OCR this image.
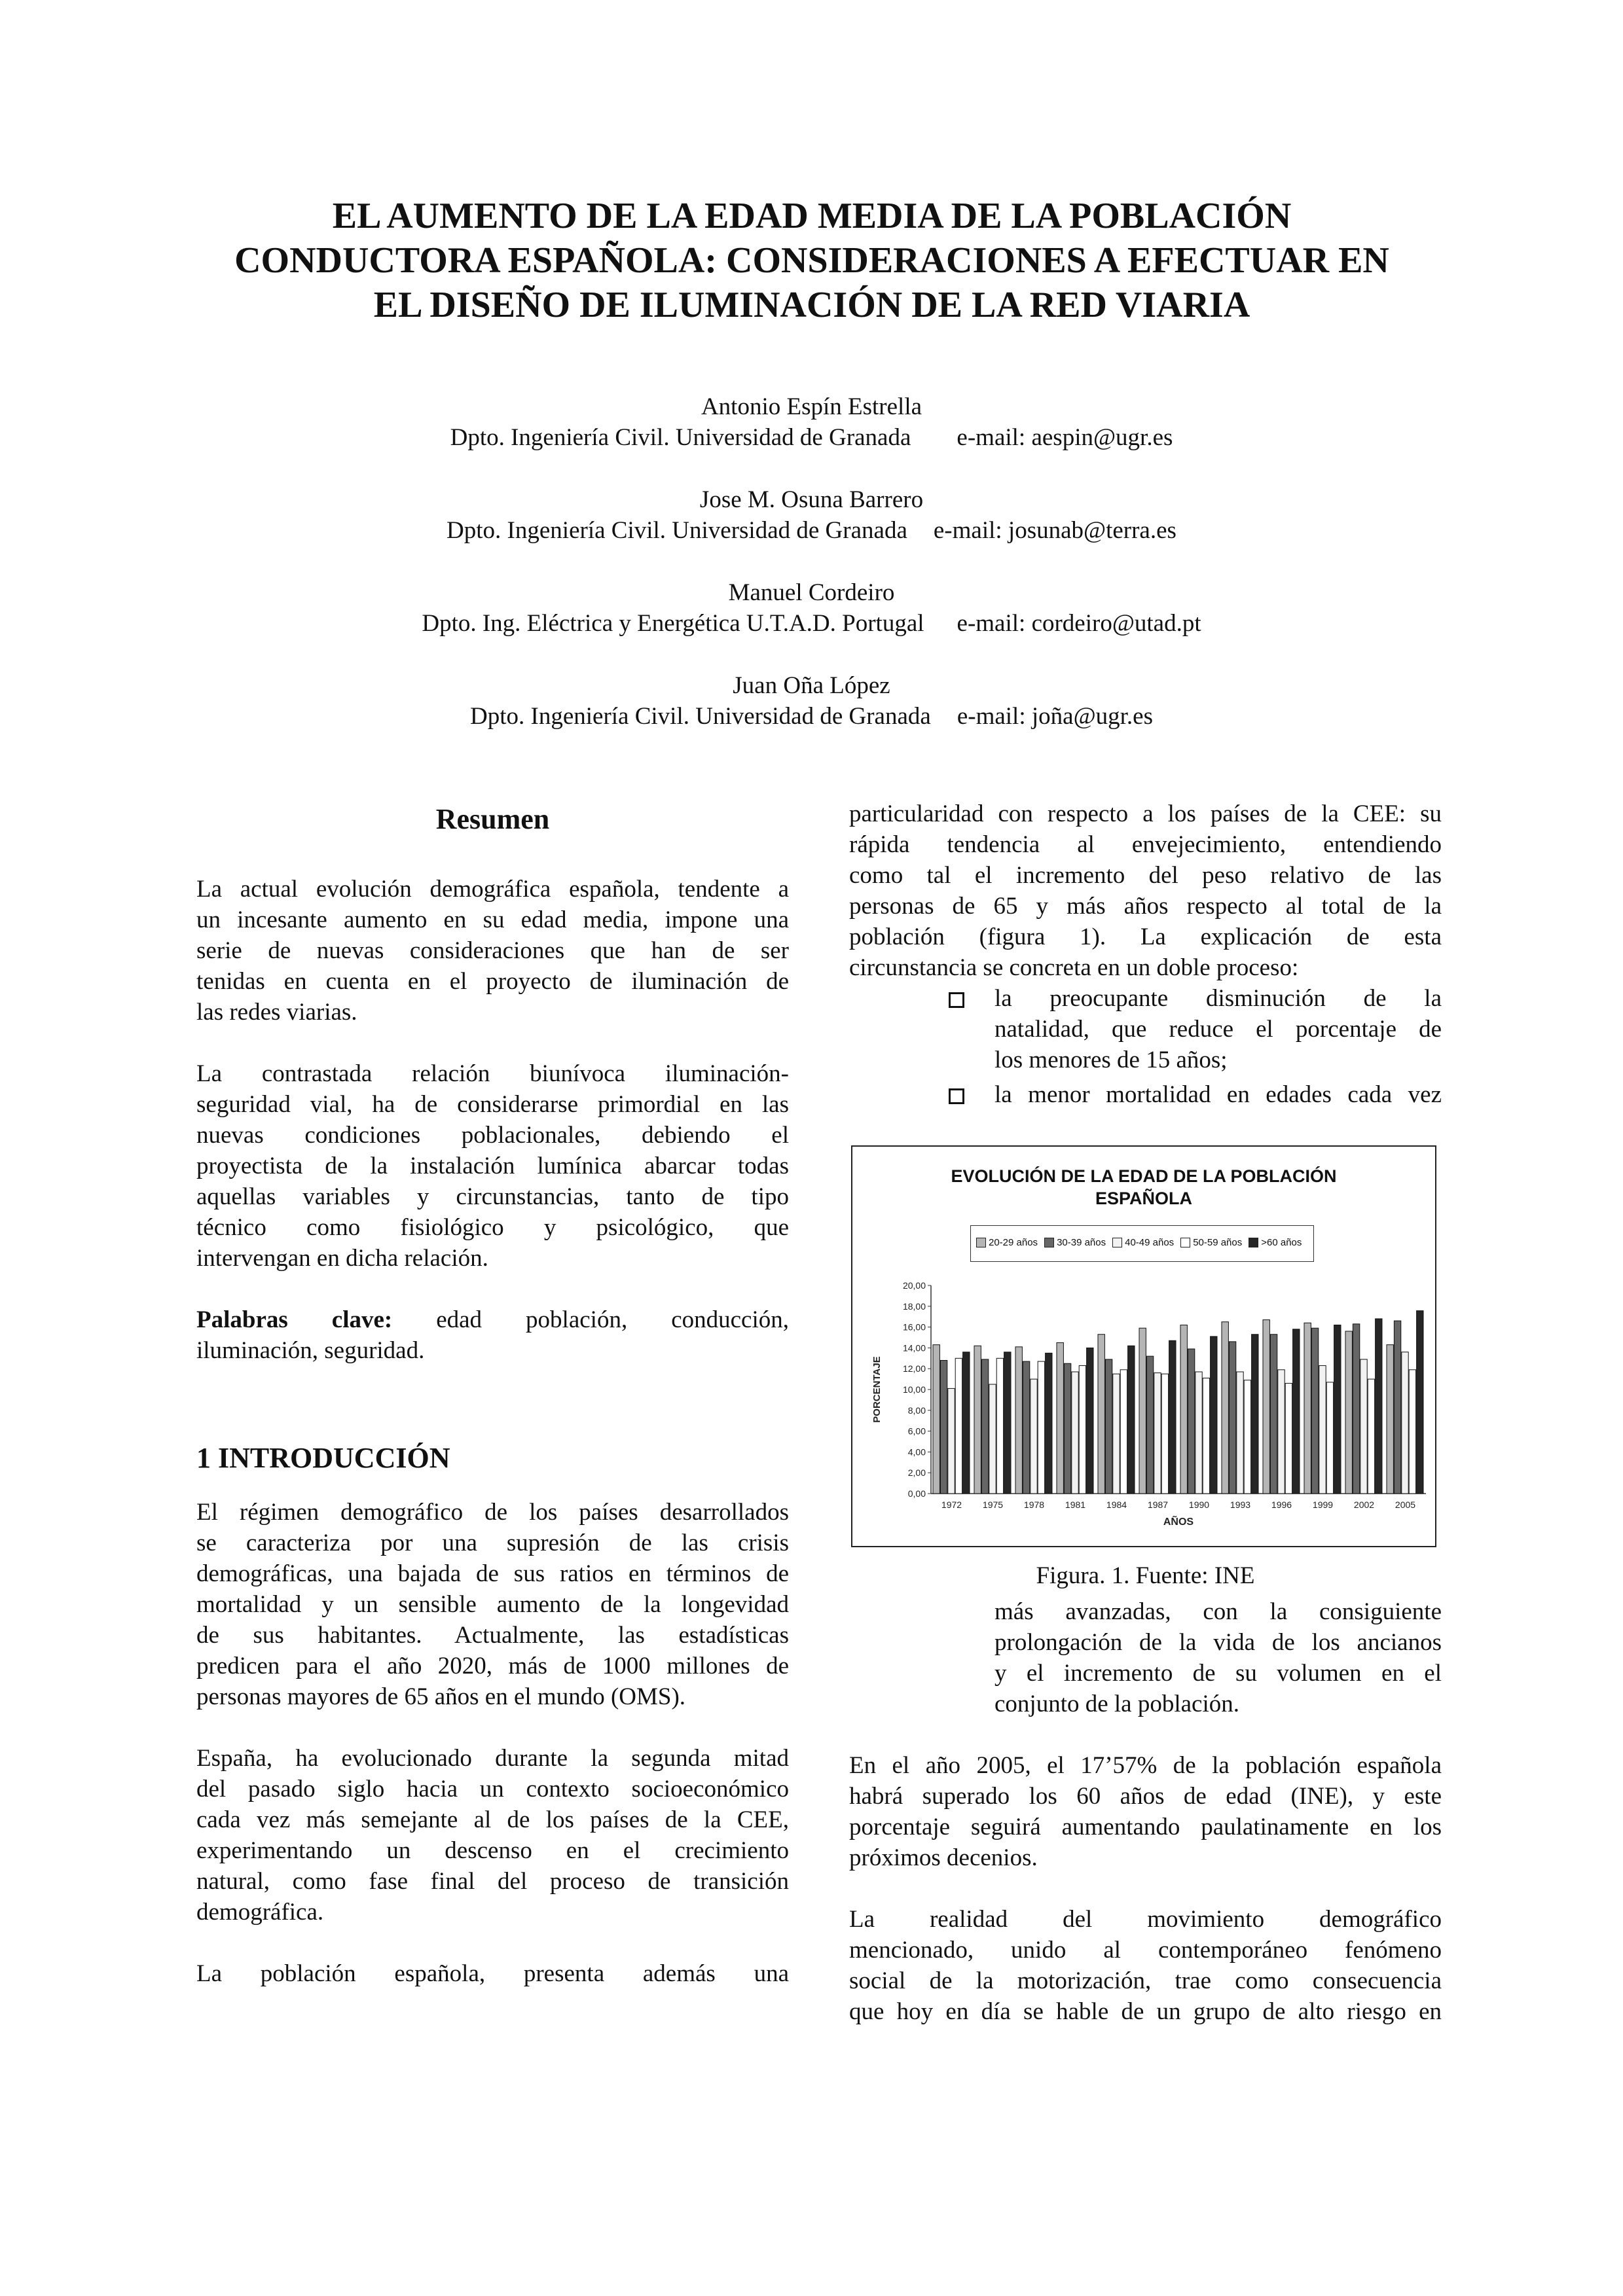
EL AUMENTO DE LA EDAD MEDIA DE LA POBLACIÓN
CONDUCTORA ESPAÑOLA: CONSIDERACIONES A EFECTUAR EN
EL DISEÑO DE ILUMINACIÓN DE LA RED VIARIA
Antonio Espín Estrella
Dpto. Ingeniería Civil. Universidad de Granada e-mail: aespin@ugr.es
Jose M. Osuna Barrero
Dpto. Ingeniería Civil. Universidad de Granada e-mail: josunab@terra.es
Manuel Cordeiro
Dpto. Ing. Eléctrica y Energética U.T.A.D. Portugal e-mail: cordeiro@utad.pt
Juan Oña López
Dpto. Ingeniería Civil. Universidad de Granada e-mail: joña@ugr.es
Resumen

La actual evolución demográfica española, tendente a

un incesante aumento en su edad media, impone una

serie de nuevas consideraciones que han de ser

tenidas en cuenta en el proyecto de iluminación de

las redes viarias.

La contrastada relación biunívoca iluminación-

seguridad vial, ha de considerarse primordial en las

nuevas condiciones poblacionales, debiendo el

proyectista de la instalación lumínica abarcar todas

aquellas variables y circunstancias, tanto de tipo

técnico como fisiológico y psicológico, que

intervengan en dicha relación.

Palabras clave: edad población, conducción,

iluminación, seguridad.

1 INTRODUCCIÓN

El régimen demográfico de los países desarrollados

se caracteriza por una supresión de las crisis

demográficas, una bajada de sus ratios en términos de

mortalidad y un sensible aumento de la longevidad

de sus habitantes. Actualmente, las estadísticas

predicen para el año 2020, más de 1000 millones de

personas mayores de 65 años en el mundo (OMS).

España, ha evolucionado durante la segunda mitad

del pasado siglo hacia un contexto socioeconómico

cada vez más semejante al de los países de la CEE,

experimentando un descenso en el crecimiento

natural, como fase final del proceso de transición

demográfica.

La población española, presenta además una

particularidad con respecto a los países de la CEE: su

rápida tendencia al envejecimiento, entendiendo

como tal el incremento del peso relativo de las

personas de 65 y más años respecto al total de la

población (figura 1). La explicación de esta

circunstancia se concreta en un doble proceso:

la preocupante disminución de la

natalidad, que reduce el porcentaje de

los menores de 15 años;

la menor mortalidad en edades cada vez

EVOLUCIÓN DE LA EDAD DE LA POBLACIÓN
ESPAÑOLA
20-29 años 30-39 años 40-49 años 50-59 años >60 años
0,00
2,00
4,00
6,00
8,00
10,00
12,00
14,00
16,00
18,00
20,00
1972 1975 1978 1981 1984 1987 1990 1993 1996 1999 2002 2005
AÑOS
PORCENTAJE
Figura. 1. Fuente: INE

más avanzadas, con la consiguiente

prolongación de la vida de los ancianos

y el incremento de su volumen en el

conjunto de la población.

En el año 2005, el 17’57% de la población española

habrá superado los 60 años de edad (INE), y este

porcentaje seguirá aumentando paulatinamente en los

próximos decenios.

La realidad del movimiento demográfico

mencionado, unido al contemporáneo fenómeno

social de la motorización, trae como consecuencia

que hoy en día se hable de un grupo de alto riesgo en
